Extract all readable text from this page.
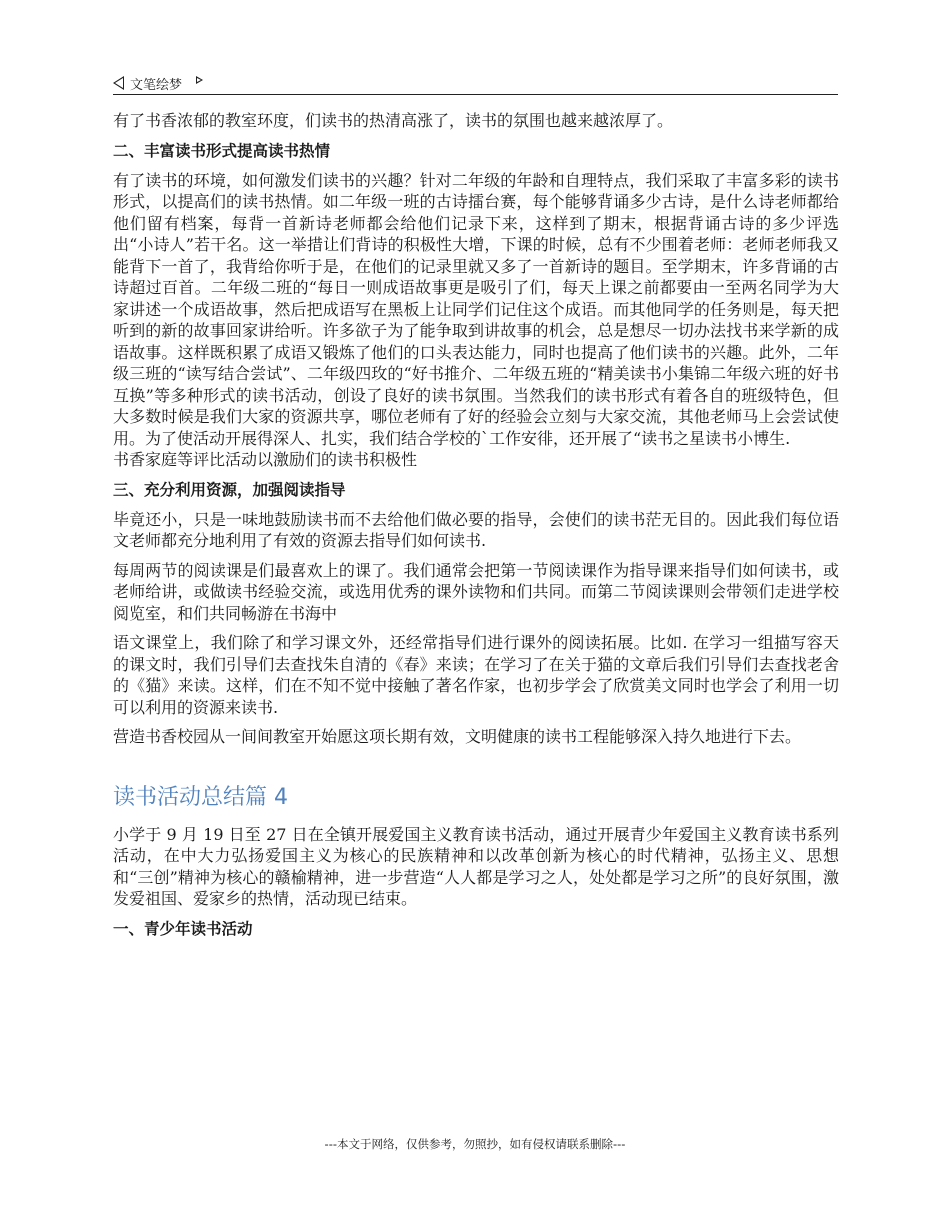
文笔绘梦

有了书香浓郁的教室环度，们读书的热清高涨了，读书的氛围也越来越浓厚了。

二、丰富读书形式提高读书热情

有了读书的环境，如何激发们读书的兴趣？针对二年级的年龄和自理特点，我们采取了丰富多彩的读书形式，以提高们的读书热情。如二年级一班的古诗擂台赛，每个能够背诵多少古诗，是什么诗老师都给他们留有档案，每背一首新诗老师都会给他们记录下来，这样到了期末，根据背诵古诗的多少评选出“小诗人”若干名。这一举措让们背诗的积极性大增，下课的时候，总有不少围着老师：老师老师我又能背下一首了，我背给你听于是，在他们的记录里就又多了一首新诗的题目。至学期末，许多背诵的古诗超过百首。二年级二班的“每日一则成语故事更是吸引了们，每天上课之前都要由一至两名同学为大家讲述一个成语故事，然后把成语写在黑板上让同学们记住这个成语。而其他同学的任务则是，每天把听到的新的故事回家讲给听。许多欲子为了能争取到讲故事的机会，总是想尽一切办法找书来学新的成语故事。这样既积累了成语又锻炼了他们的口头表达能力，同时也提高了他们读书的兴趣。此外，二年级三班的“读写结合尝试”、二年级四玫的“好书推介、二年级五班的“精美读书小集锦二年级六班的好书互换”等多种形式的读书活动，创设了良好的读书氛围。当然我们的读书形式有着各自的班级特色，但大多数时候是我们大家的资源共享，哪位老师有了好的经验会立刻与大家交流，其他老师马上会尝试使用。为了使活动开展得深人、扎实，我们结合学校的`工作安徘，还开展了“读书之星读书小博生.

书香家庭等评比活动以激励们的读书积极性

三、充分利用资源，加强阅读指导

毕竟还小，只是一味地鼓励读书而不去给他们做必要的指导，会使们的读书茫无目的。因此我们每位语文老师都充分地利用了有效的资源去指导们如何读书.

每周两节的阅读课是们最喜欢上的课了。我们通常会把第一节阅读课作为指导课来指导们如何读书，或老师给讲，或做读书经验交流，或选用优秀的课外读物和们共同。而第二节阅读课则会带领们走进学校阅览室，和们共同畅游在书海中

语文课堂上，我们除了和学习课文外，还经常指导们进行课外的阅读拓展。比如. 在学习一组描写容天的课文时，我们引导们去查找朱自清的《春》来读；在学习了在关于猫的文章后我们引导们去查找老舍的《猫》来读。这样，们在不知不觉中接触了著名作家，也初步学会了欣赏美文同时也学会了利用一切可以利用的资源来读书.

营造书香校园从一间间教室开始愿这项长期有效，文明健康的读书工程能够深入持久地进行下去。

读书活动总结篇 4

小学于 9 月 19 日至 27 日在全镇开展爱国主义教育读书活动，通过开展青少年爱国主义教育读书系列活动，在中大力弘扬爱国主义为核心的民族精神和以改革创新为核心的时代精神，弘扬主义、思想和“三创”精神为核心的赣榆精神，进一步营造“人人都是学习之人，处处都是学习之所”的良好氛围，激发爱祖国、爱家乡的热情，活动现已结束。

一、青少年读书活动
---本文于网络，仅供参考，勿照抄，如有侵权请联系删除---
